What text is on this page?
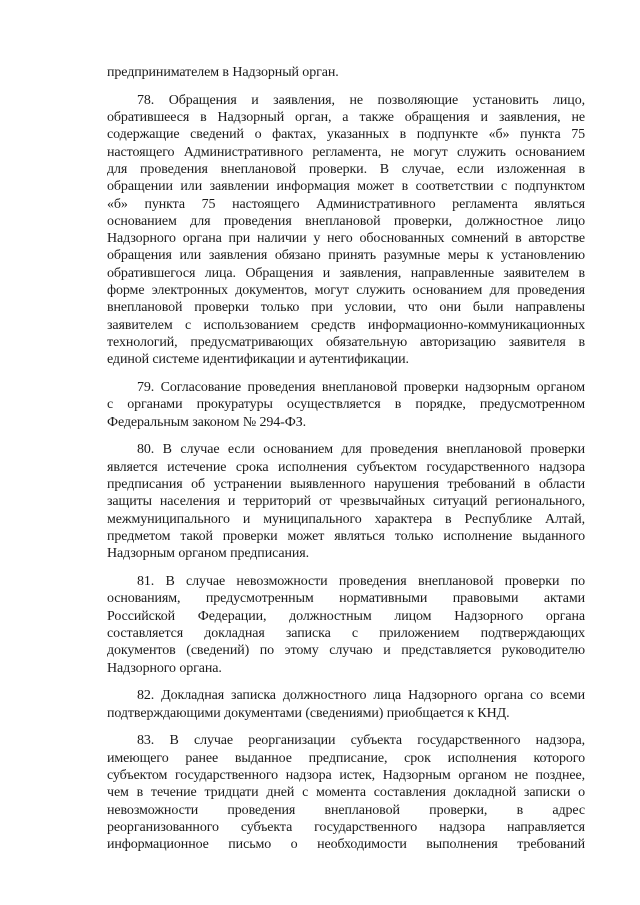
предпринимателем в Надзорный орган.
78. Обращения и заявления, не позволяющие установить лицо,
обратившееся в Надзорный орган, а также обращения и заявления, не
содержащие сведений о фактах, указанных в подпункте «б» пункта 75
настоящего Административного регламента, не могут служить основанием
для проведения внеплановой проверки. В случае, если изложенная в
обращении или заявлении информация может в соответствии с подпунктом
«б» пункта 75 настоящего Административного регламента являться
основанием для проведения внеплановой проверки, должностное лицо
Надзорного органа при наличии у него обоснованных сомнений в авторстве
обращения или заявления обязано принять разумные меры к установлению
обратившегося лица. Обращения и заявления, направленные заявителем в
форме электронных документов, могут служить основанием для проведения
внеплановой проверки только при условии, что они были направлены
заявителем с использованием средств информационно-коммуникационных
технологий, предусматривающих обязательную авторизацию заявителя в
единой системе идентификации и аутентификации.
79. Согласование проведения внеплановой проверки надзорным органом
с органами прокуратуры осуществляется в порядке, предусмотренном
Федеральным законом № 294-ФЗ.
80. В случае если основанием для проведения внеплановой проверки
является истечение срока исполнения субъектом государственного надзора
предписания об устранении выявленного нарушения требований в области
защиты населения и территорий от чрезвычайных ситуаций регионального,
межмуниципального и муниципального характера в Республике Алтай,
предметом такой проверки может являться только исполнение выданного
Надзорным органом предписания.
81. В случае невозможности проведения внеплановой проверки по
основаниям, предусмотренным нормативными правовыми актами
Российской Федерации, должностным лицом Надзорного органа
составляется докладная записка с приложением подтверждающих
документов (сведений) по этому случаю и представляется руководителю
Надзорного органа.
82. Докладная записка должностного лица Надзорного органа со всеми
подтверждающими документами (сведениями) приобщается к КНД.
83. В случае реорганизации субъекта государственного надзора,
имеющего ранее выданное предписание, срок исполнения которого
субъектом государственного надзора истек, Надзорным органом не позднее,
чем в течение тридцати дней с момента составления докладной записки о
невозможности проведения внеплановой проверки, в адрес
реорганизованного субъекта государственного надзора направляется
информационное письмо о необходимости выполнения требований
